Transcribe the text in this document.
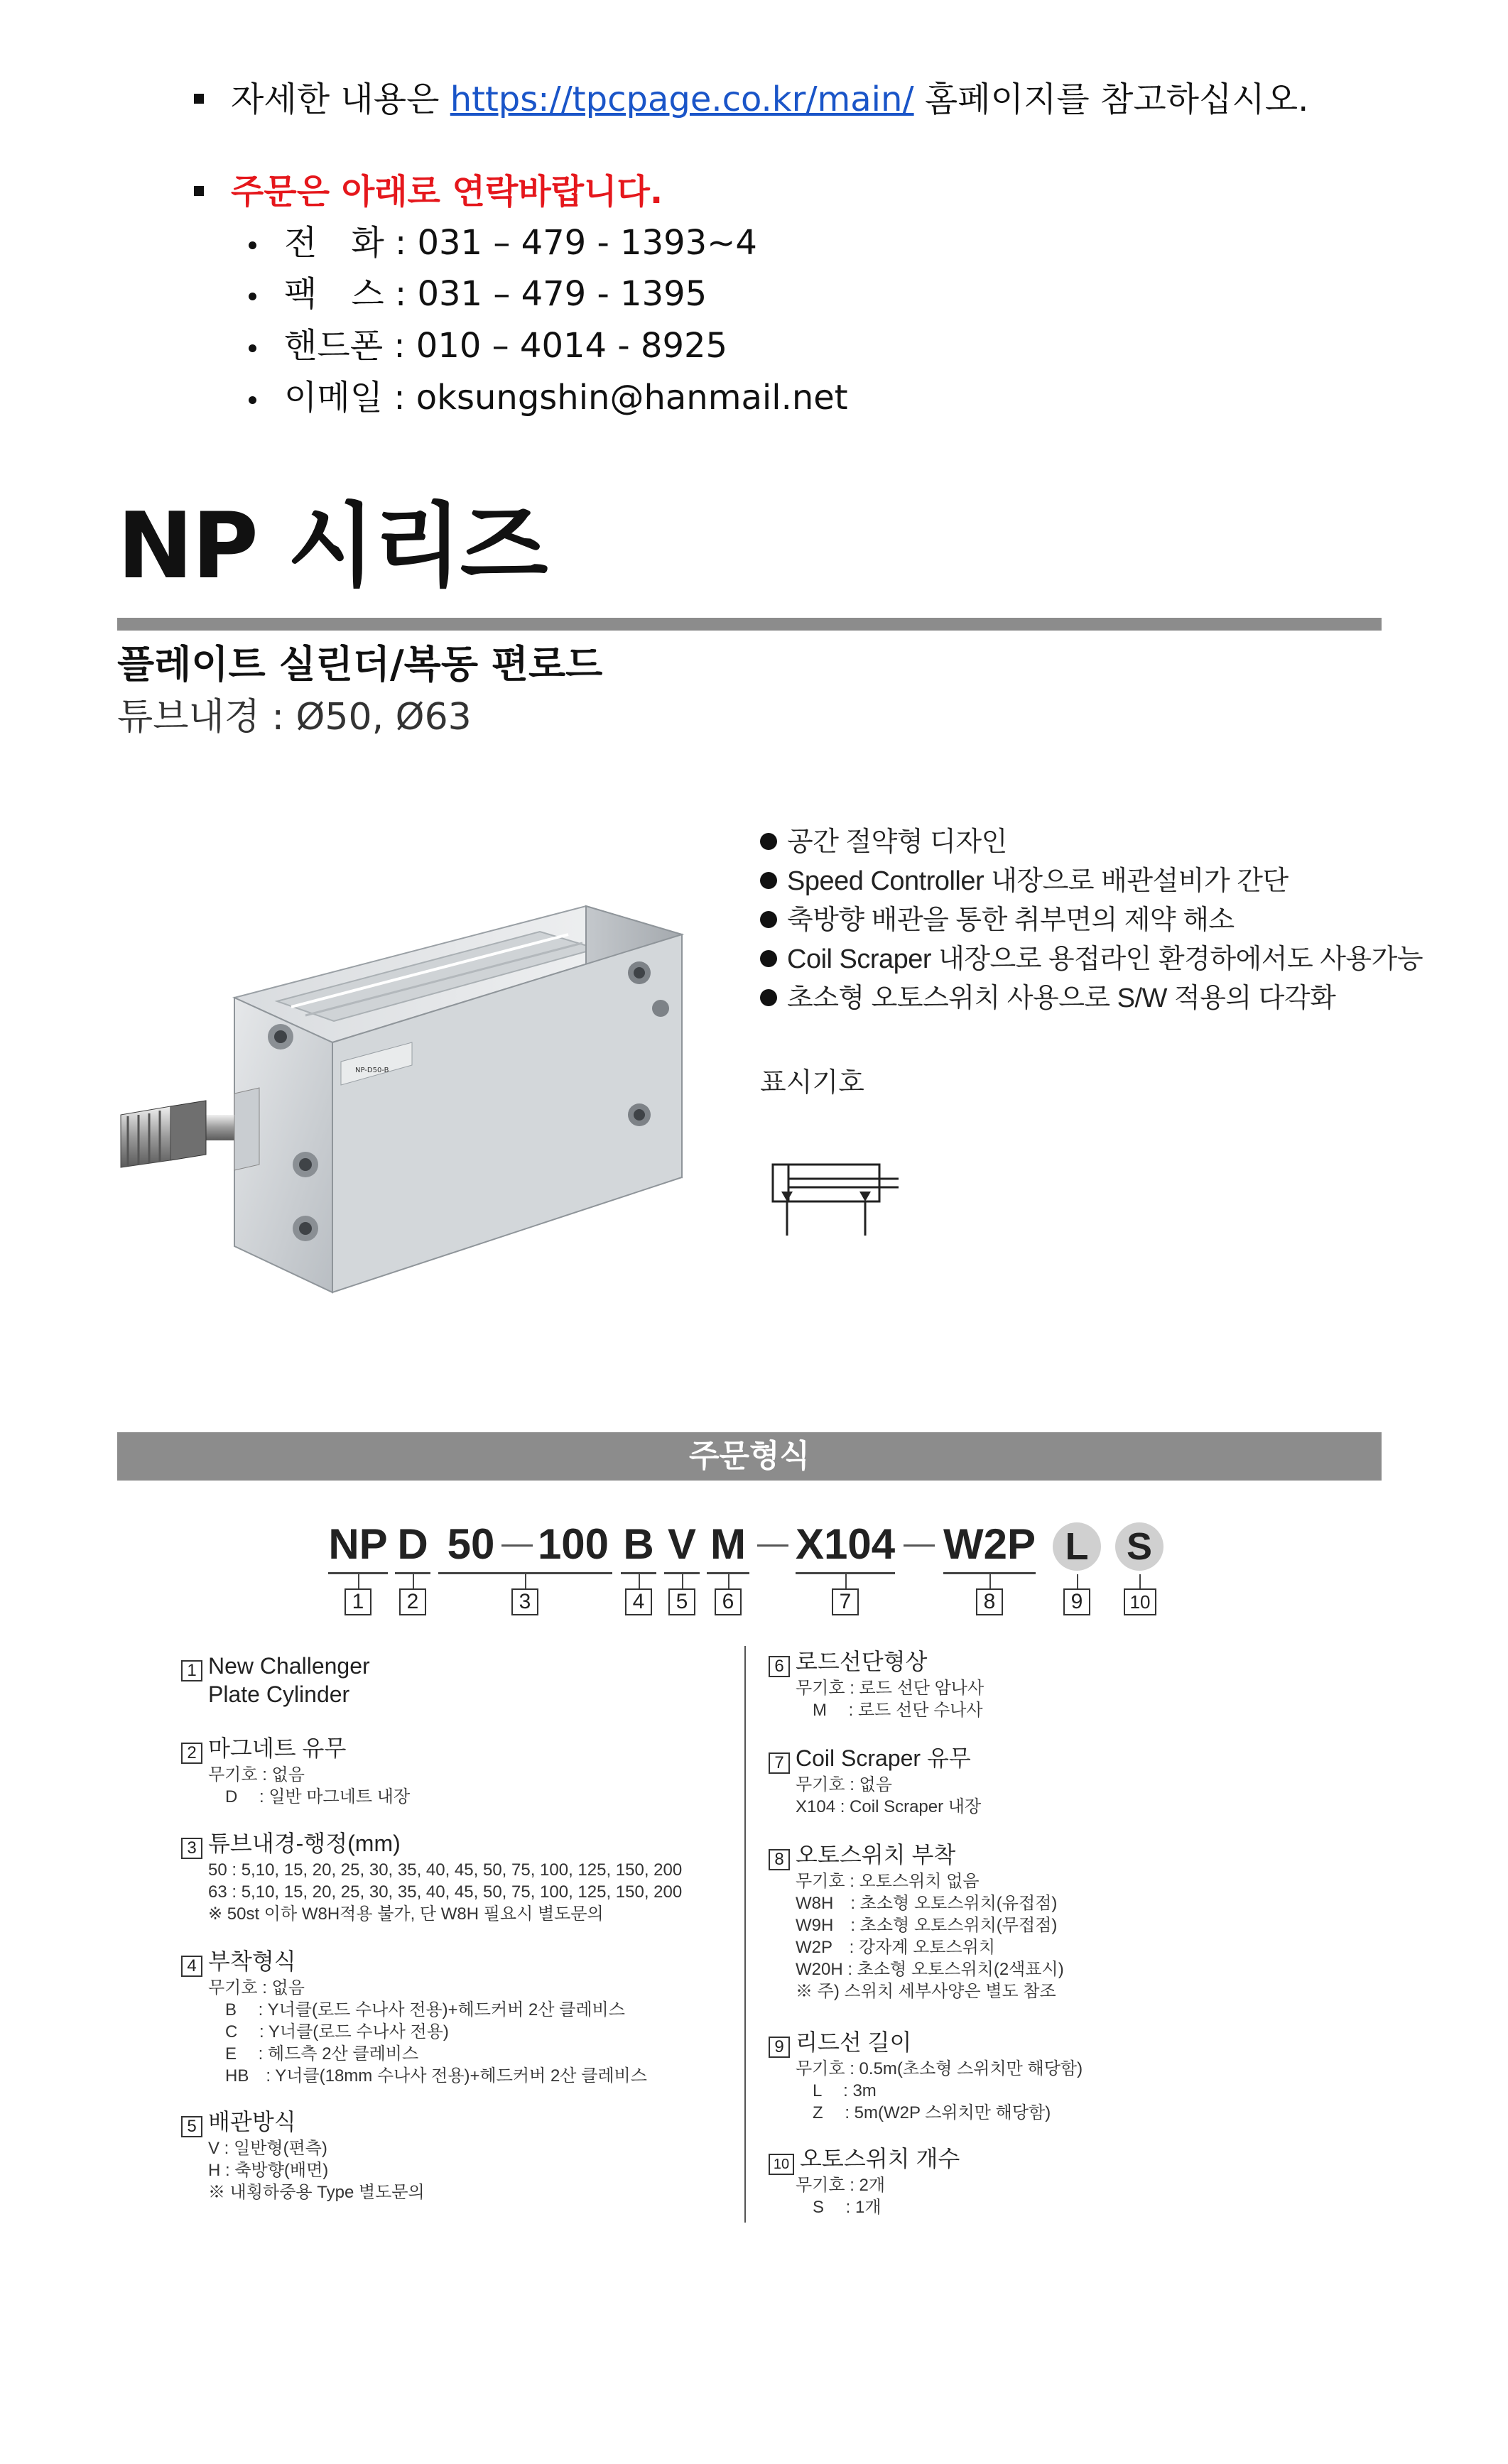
자세한 내용은 https://tpcpage.co.kr/main/ 홈페이지를 참고하십시오.
주문은 아래로 연락바랍니다.
전　화 : 031 – 479 - 1393~4
팩　스 : 031 – 479 - 1395
핸드폰 : 010 – 4014 - 8925
이메일 : oksungshin@hanmail.net
NP 시리즈
플레이트 실린더/복동 편로드
튜브내경 : Ø50, Ø63
NP-D50-B
공간 절약형 디자인
Speed Controller 내장으로 배관설비가 간단
축방향 배관을 통한 취부면의 제약 해소
Coil Scraper 내장으로 용접라인 환경하에서도 사용가능
초소형 오토스위치 사용으로 S/W 적용의 다각화
표시기호
주문형식
NP D 50 100 B V M X104 W2P L S
1	2	3	4	5	6	7	8	9	10
1 New Challenger
Plate Cylinder
2 마그네트 유무
무기호 : 없음
　D　 : 일반 마그네트 내장
3 튜브내경-행정(mm)
50 : 5,10, 15, 20, 25, 30, 35, 40, 45, 50, 75, 100, 125, 150, 200
63 : 5,10, 15, 20, 25, 30, 35, 40, 45, 50, 75, 100, 125, 150, 200
※ 50st 이하 W8H적용 불가, 단 W8H 필요시 별도문의
4 부착형식
무기호 : 없음
　B　 : Y너클(로드 수나사 전용)+헤드커버 2산 클레비스
　C　 : Y너클(로드 수나사 전용)
　E　 : 헤드측 2산 클레비스
　HB　: Y너클(18mm 수나사 전용)+헤드커버 2산 클레비스
5 배관방식
V : 일반형(편측)
H : 축방향(배면)
※ 내횡하중용 Type 별도문의
6 로드선단형상
무기호 : 로드 선단 암나사
　M　 : 로드 선단 수나사
7 Coil Scraper 유무
무기호 : 없음
X104 : Coil Scraper 내장
8 오토스위치 부착
무기호 : 오토스위치 없음
W8H　: 초소형 오토스위치(유접점)
W9H　: 초소형 오토스위치(무접점)
W2P　: 강자계 오토스위치
W20H : 초소형 오토스위치(2색표시)
※ 주) 스위치 세부사양은 별도 참조
9 리드선 길이
무기호 : 0.5m(초소형 스위치만 해당함)
　L　 : 3m
　Z　 : 5m(W2P 스위치만 해당함)
10 오토스위치 개수
무기호 : 2개
　S　 : 1개
